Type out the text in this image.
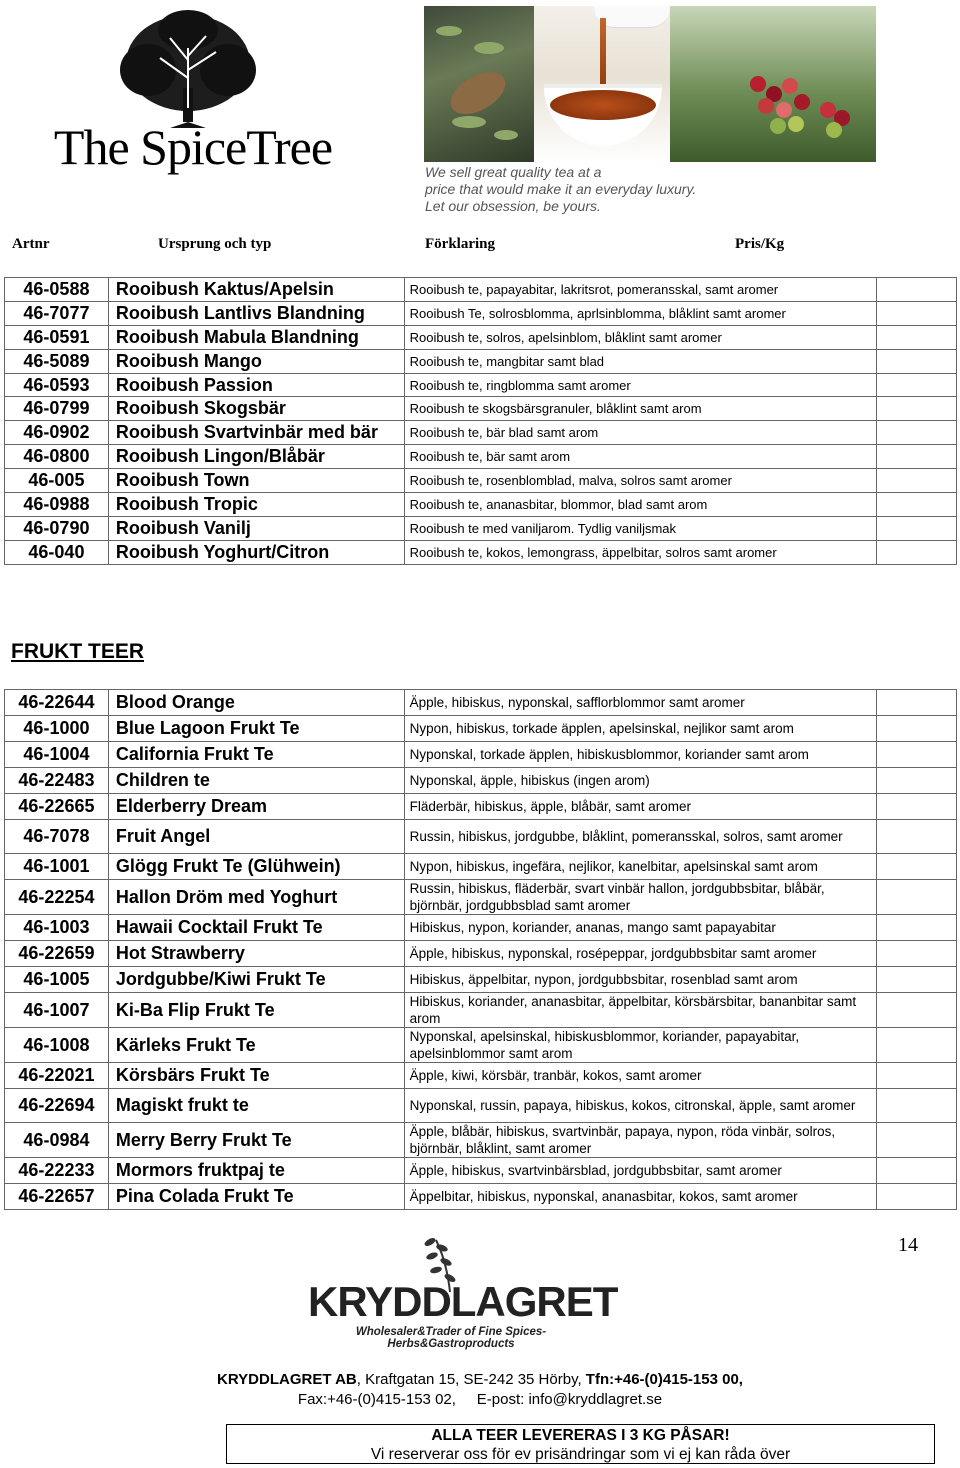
The SpiceTree	We sell great quality tea at a
price that would make it an everyday luxury.
Let our obsession, be yours.
Artnr	Ursprung och typ	Förklaring	Pris/Kg
46-0588	Rooibush Kaktus/Apelsin	Rooibush te, papayabitar, lakritsrot, pomeransskal, samt aromer	
46-7077	Rooibush Lantlivs Blandning	Rooibush Te, solrosblomma, aprlsinblomma, blåklint samt aromer	
46-0591	Rooibush Mabula Blandning	Rooibush te, solros, apelsinblom, blåklint samt aromer	
46-5089	Rooibush Mango	Rooibush te, mangbitar samt blad	
46-0593	Rooibush Passion	Rooibush te, ringblomma samt aromer	
46-0799	Rooibush Skogsbär	Rooibush te skogsbärsgranuler, blåklint samt arom	
46-0902	Rooibush Svartvinbär med bär	Rooibush te, bär blad samt arom	
46-0800	Rooibush Lingon/Blåbär	Rooibush te, bär samt arom	
46-005	Rooibush Town	Rooibush te, rosenblomblad, malva, solros samt aromer	
46-0988	Rooibush Tropic	Rooibush te, ananasbitar, blommor, blad samt arom	
46-0790	Rooibush Vanilj	Rooibush te med vaniljarom. Tydlig vaniljsmak	
46-040	Rooibush Yoghurt/Citron	Rooibush te, kokos, lemongrass, äppelbitar, solros samt aromer	
FRUKT TEER
46-22644	Blood Orange	Äpple, hibiskus, nyponskal, safflorblommor samt aromer	
46-1000	Blue Lagoon Frukt Te	Nypon, hibiskus, torkade äpplen, apelsinskal, nejlikor samt arom	
46-1004	California Frukt Te	Nyponskal, torkade äpplen, hibiskusblommor, koriander samt arom	
46-22483	Children te	Nyponskal, äpple, hibiskus (ingen arom)	
46-22665	Elderberry Dream	Fläderbär, hibiskus, äpple, blåbär, samt aromer	
46-7078	Fruit Angel	Russin, hibiskus, jordgubbe, blåklint, pomeransskal, solros, samt aromer	
46-1001	Glögg Frukt Te (Glühwein)	Nypon, hibiskus, ingefära, nejlikor, kanelbitar, apelsinskal samt arom	
46-22254	Hallon Dröm med Yoghurt	Russin, hibiskus, fläderbär, svart vinbär hallon, jordgubbsbitar, blåbär, björnbär, jordgubbsblad samt aromer	
46-1003	Hawaii Cocktail Frukt Te	Hibiskus, nypon, koriander, ananas, mango samt papayabitar	
46-22659	Hot Strawberry	Äpple, hibiskus, nyponskal, rosépeppar, jordgubbsbitar samt aromer	
46-1005	Jordgubbe/Kiwi Frukt Te	Hibiskus, äppelbitar, nypon, jordgubbsbitar, rosenblad samt arom	
46-1007	Ki-Ba Flip Frukt Te	Hibiskus, koriander, ananasbitar, äppelbitar, körsbärsbitar, bananbitar samt arom	
46-1008	Kärleks Frukt Te	Nyponskal, apelsinskal, hibiskusblommor, koriander, papayabitar, apelsinblommor samt arom	
46-22021	Körsbärs Frukt Te	Äpple, kiwi, körsbär, tranbär, kokos, samt aromer	
46-22694	Magiskt frukt te	Nyponskal, russin, papaya, hibiskus, kokos, citronskal, äpple, samt aromer	
46-0984	Merry Berry Frukt Te	Äpple, blåbär, hibiskus, svartvinbär, papaya, nypon, röda vinbär, solros, björnbär, blåklint, samt aromer	
46-22233	Mormors fruktpaj te	Äpple, hibiskus, svartvinbärsblad, jordgubbsbitar, samt aromer	
46-22657	Pina Colada Frukt Te	Äppelbitar, hibiskus, nyponskal, ananasbitar, kokos, samt aromer	
14
KRYDDLAGRET
Wholesaler&Trader of Fine Spices-Herbs&Gastroproducts
KRYDDLAGRET AB, Kraftgatan 15, SE-242 35 Hörby, Tfn:+46-(0)415-153 00,
Fax:+46-(0)415-153 02,     E-post: info@kryddlagret.se
ALLA TEER LEVERERAS I 3 KG PÅSAR!
Vi reserverar oss för ev prisändringar som vi ej kan råda över
